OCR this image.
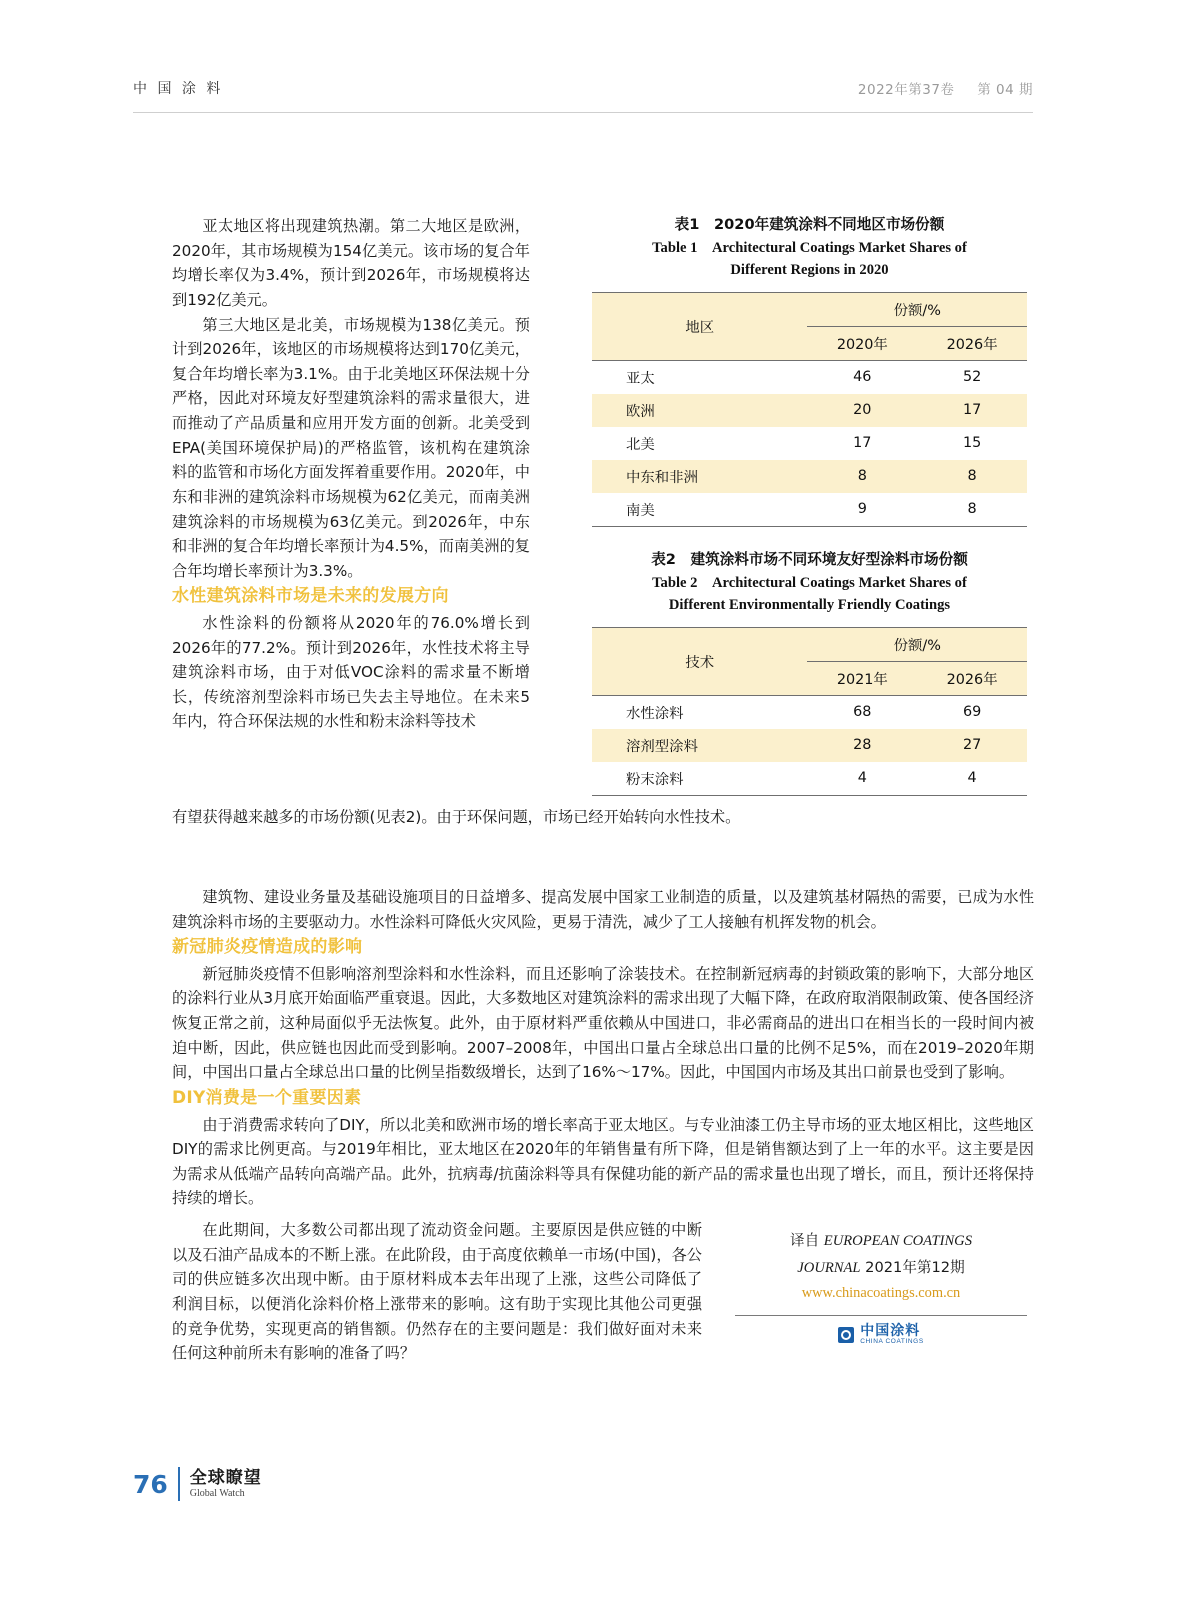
中 国 涂 料	2022年第37卷 第 04 期

亚太地区将出现建筑热潮。第二大地区是欧洲，2020年，其市场规模为154亿美元。该市场的复合年均增长率仅为3.4%，预计到2026年，市场规模将达到192亿美元。

第三大地区是北美，市场规模为138亿美元。预计到2026年，该地区的市场规模将达到170亿美元，复合年均增长率为3.1%。由于北美地区环保法规十分严格，因此对环境友好型建筑涂料的需求量很大，进而推动了产品质量和应用开发方面的创新。北美受到EPA(美国环境保护局)的严格监管，该机构在建筑涂料的监管和市场化方面发挥着重要作用。2020年，中东和非洲的建筑涂料市场规模为62亿美元，而南美洲建筑涂料的市场规模为63亿美元。到2026年，中东和非洲的复合年均增长率预计为4.5%，而南美洲的复合年均增长率预计为3.3%。

水性建筑涂料市场是未来的发展方向

水性涂料的份额将从2020年的76.0%增长到2026年的77.2%。预计到2026年，水性技术将主导建筑涂料市场，由于对低VOC涂料的需求量不断增长，传统溶剂型涂料市场已失去主导地位。在未来5年内，符合环保法规的水性和粉末涂料等技术

表1　2020年建筑涂料不同地区市场份额
Table 1　Architectural Coatings Market Shares of
Different Regions in 2020
地区	份额/%	
	2020年	2026年
亚太	46	52
欧洲	20	17
北美	17	15
中东和非洲	8	8
南美	9	8
表2　建筑涂料市场不同环境友好型涂料市场份额
Table 2　Architectural Coatings Market Shares of
Different Environmentally Friendly Coatings
技术	份额/%	
	2021年	2026年
水性涂料	68	69
溶剂型涂料	28	27
粉末涂料	4	4

有望获得越来越多的市场份额(见表2)。由于环保问题，市场已经开始转向水性技术。

建筑物、建设业务量及基础设施项目的日益增多、提高发展中国家工业制造的质量，以及建筑基材隔热的需要，已成为水性建筑涂料市场的主要驱动力。水性涂料可降低火灾风险，更易于清洗，减少了工人接触有机挥发物的机会。

新冠肺炎疫情造成的影响

新冠肺炎疫情不但影响溶剂型涂料和水性涂料，而且还影响了涂装技术。在控制新冠病毒的封锁政策的影响下，大部分地区的涂料行业从3月底开始面临严重衰退。因此，大多数地区对建筑涂料的需求出现了大幅下降，在政府取消限制政策、使各国经济恢复正常之前，这种局面似乎无法恢复。此外，由于原材料严重依赖从中国进口，非必需商品的进出口在相当长的一段时间内被迫中断，因此，供应链也因此而受到影响。2007–2008年，中国出口量占全球总出口量的比例不足5%，而在2019–2020年期间，中国出口量占全球总出口量的比例呈指数级增长，达到了16%～17%。因此，中国国内市场及其出口前景也受到了影响。

DIY消费是一个重要因素

由于消费需求转向了DIY，所以北美和欧洲市场的增长率高于亚太地区。与专业油漆工仍主导市场的亚太地区相比，这些地区DIY的需求比例更高。与2019年相比，亚太地区在2020年的年销售量有所下降，但是销售额达到了上一年的水平。这主要是因为需求从低端产品转向高端产品。此外，抗病毒/抗菌涂料等具有保健功能的新产品的需求量也出现了增长，而且，预计还将保持持续的增长。

在此期间，大多数公司都出现了流动资金问题。主要原因是供应链的中断以及石油产品成本的不断上涨。在此阶段，由于高度依赖单一市场(中国)，各公司的供应链多次出现中断。由于原材料成本去年出现了上涨，这些公司降低了利润目标，以便消化涂料价格上涨带来的影响。这有助于实现比其他公司更强的竞争优势，实现更高的销售额。仍然存在的主要问题是：我们做好面对未来任何这种前所未有影响的准备了吗？

译自 EUROPEAN COATINGS
JOURNAL 2021年第12期
www.chinacoatings.com.cn
中国涂料
CHINA COATINGS
76 全球瞭望
Global Watch
